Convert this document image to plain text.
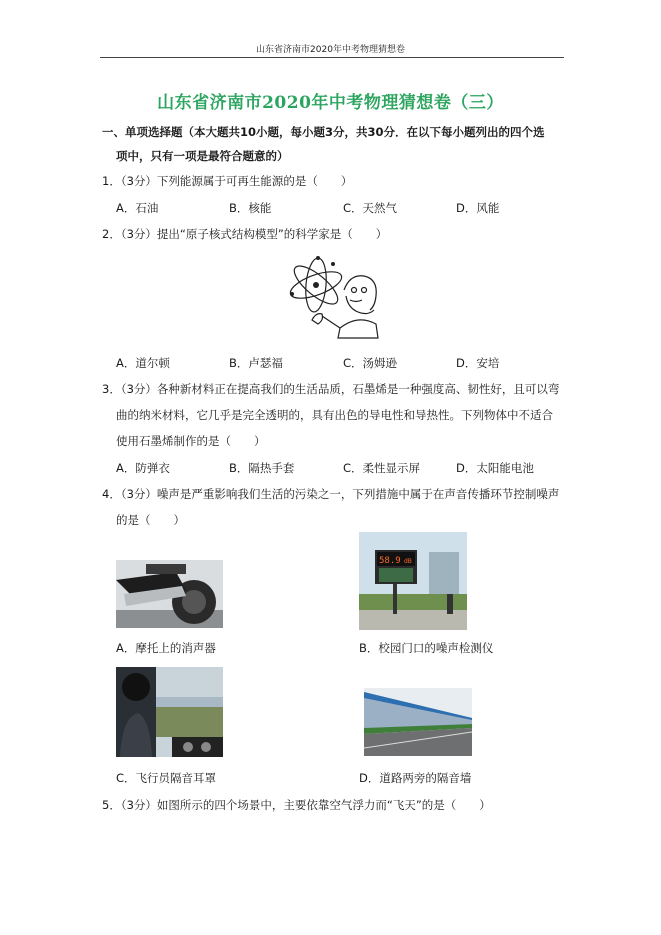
山东省济南市2020年中考物理猜想卷
山东省济南市2020年中考物理猜想卷（三）
一、单项选择题（本大题共10小题，每小题3分，共30分．在以下每小题列出的四个选
项中，只有一项是最符合题意的）
1．（3分）下列能源属于可再生能源的是（　　）
A．石油	B．核能	C．天然气	D．风能
2．（3分）提出“原子核式结构模型”的科学家是（　　）
A．道尔顿	B．卢瑟福	C．汤姆逊	D．安培
3．（3分）各种新材料正在提高我们的生活品质，石墨烯是一种强度高、韧性好，且可以弯
曲的纳米材料，它几乎是完全透明的，具有出色的导电性和导热性。下列物体中不适合
使用石墨烯制作的是（　　）
A．防弹衣	B．隔热手套	C．柔性显示屏	D．太阳能电池
4．（3分）噪声是严重影响我们生活的污染之一，下列措施中属于在声音传播环节控制噪声
的是（　　）
A．摩托上的消声器
58.9 dB
B．校园门口的噪声检测仪
C．飞行员隔音耳罩	D．道路两旁的隔音墙
5．（3分）如图所示的四个场景中，主要依靠空气浮力而“飞天”的是（　　）
